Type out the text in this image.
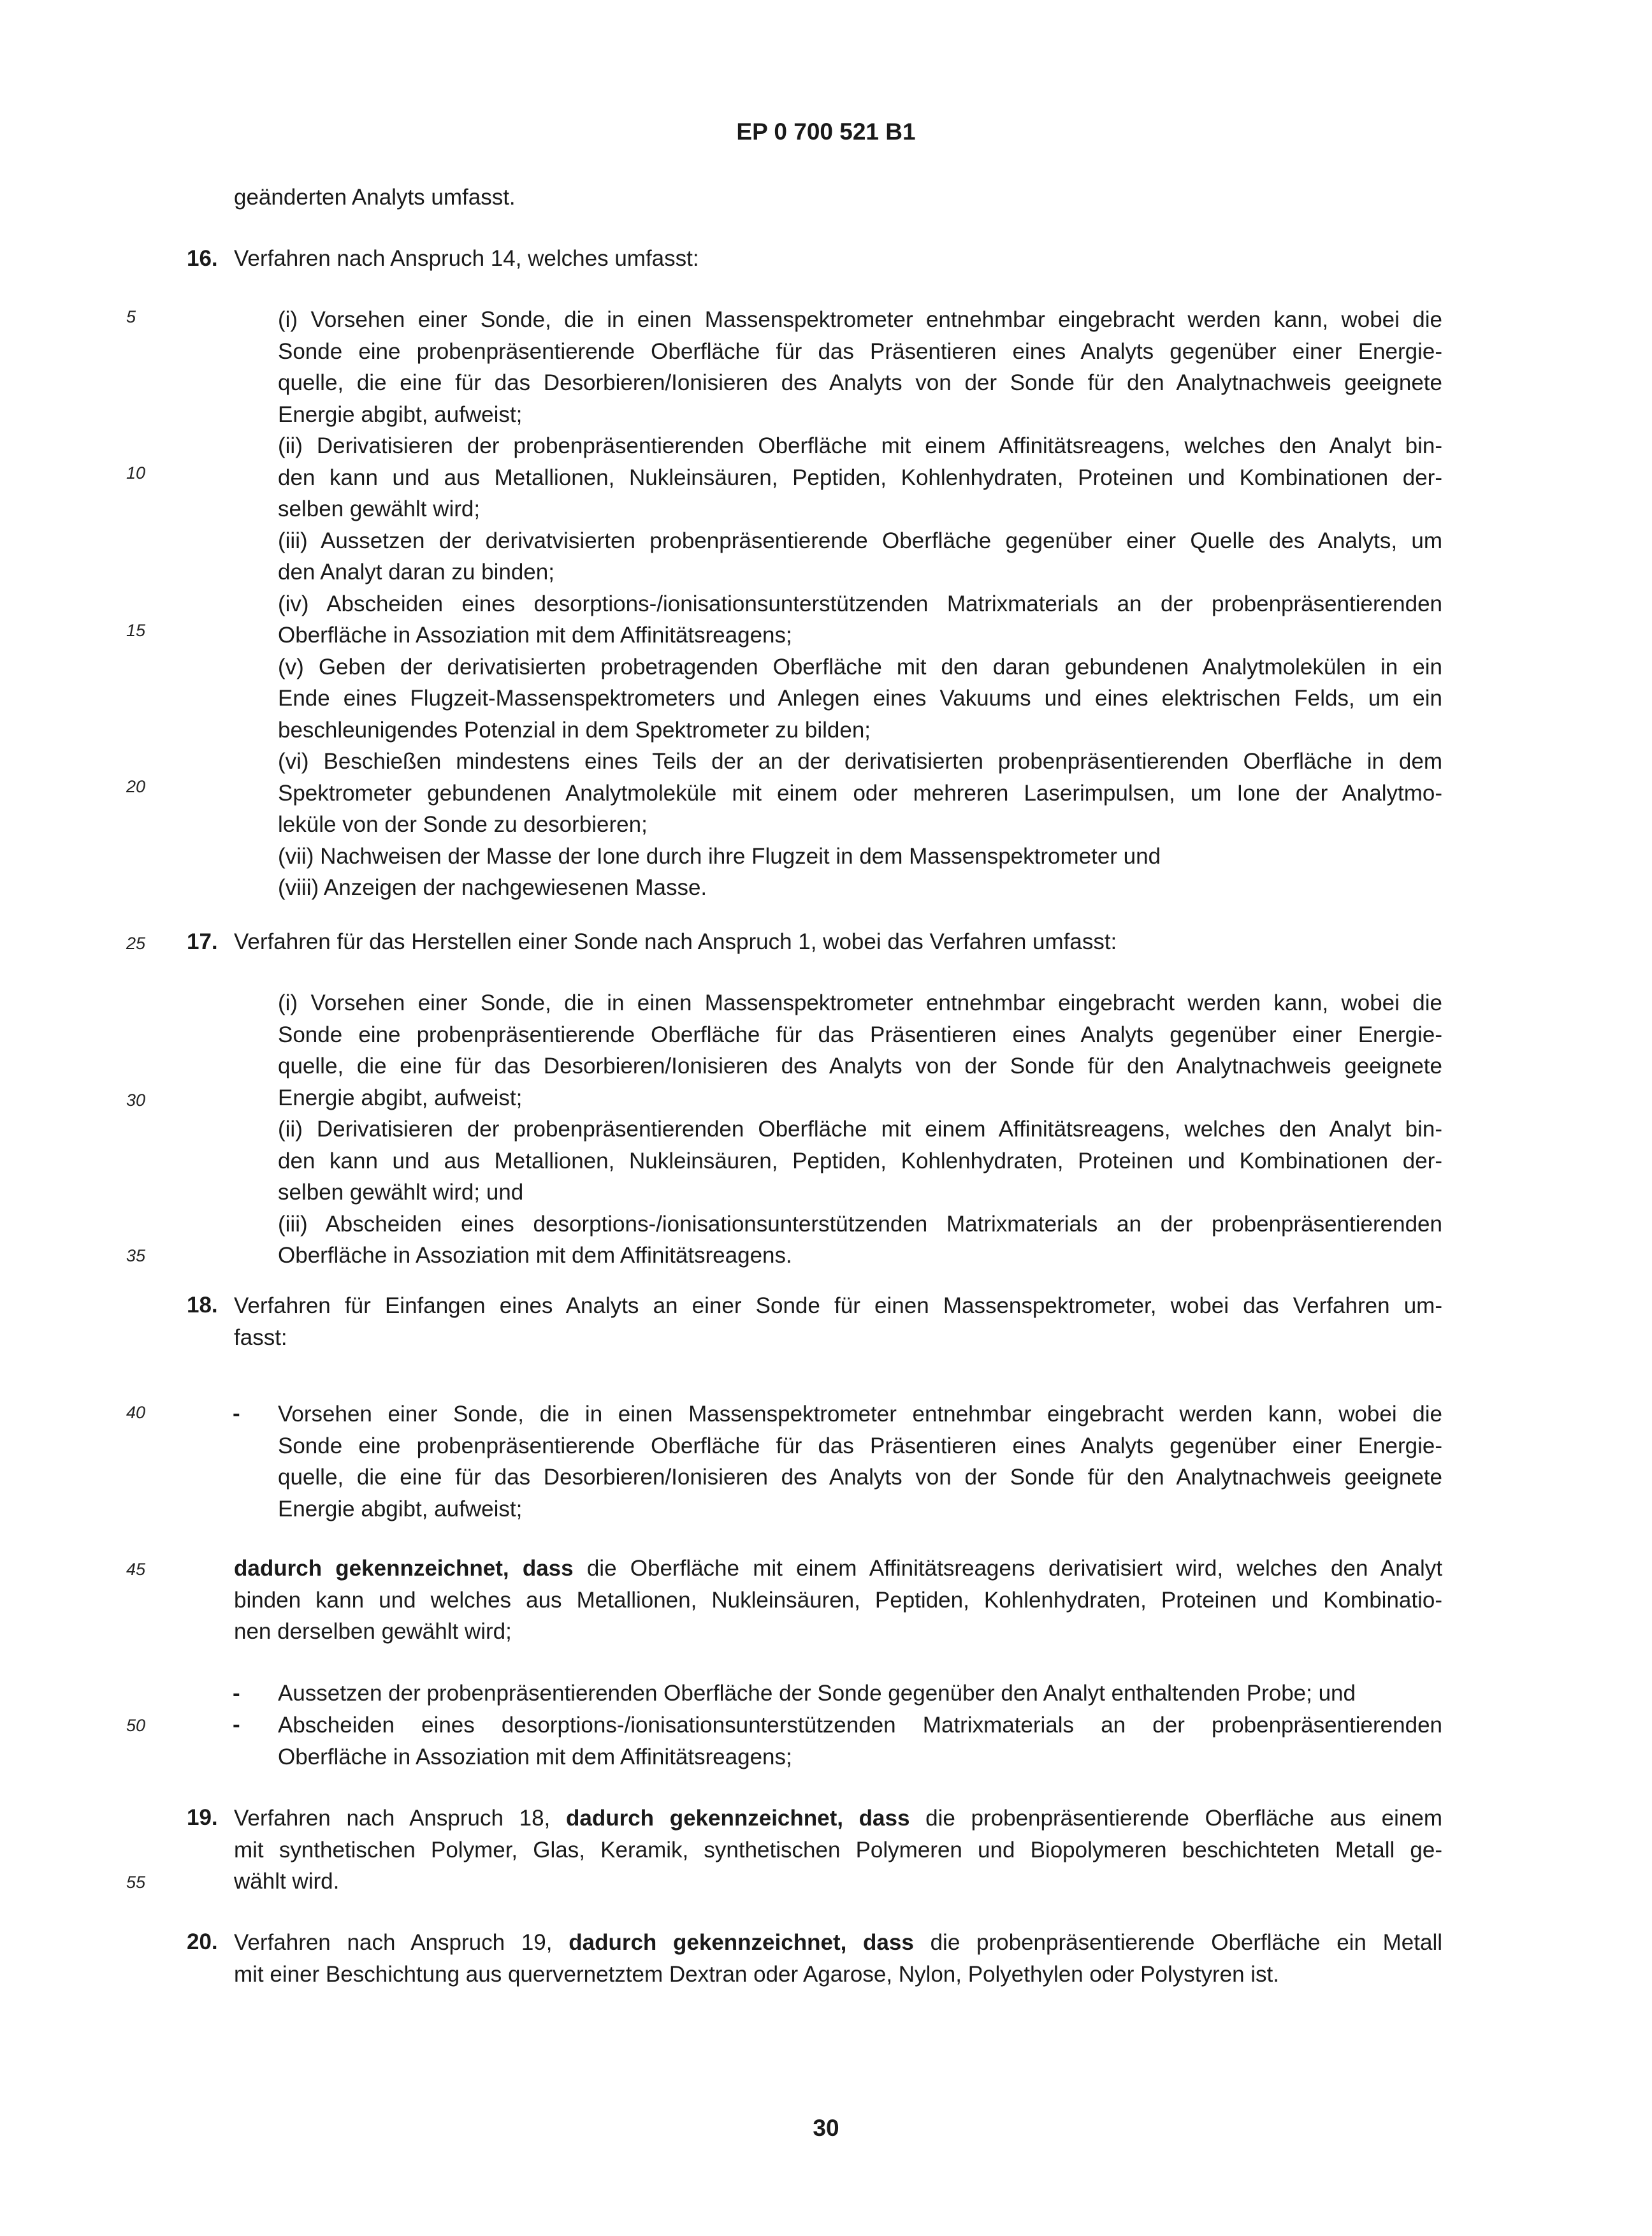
EP 0 700 521 B1
5
10
15
20
25
30
35
40
45
50
55
geänderten Analyts umfasst.
16. Verfahren nach Anspruch 14, welches umfasst:
(i) Vorsehen einer Sonde, die in einen Massenspektrometer entnehmbar eingebracht werden kann, wobei die
Sonde eine probenpräsentierende Oberfläche für das Präsentieren eines Analyts gegenüber einer Energie-
quelle, die eine für das Desorbieren/Ionisieren des Analyts von der Sonde für den Analytnachweis geeignete
Energie abgibt, aufweist;
(ii) Derivatisieren der probenpräsentierenden Oberfläche mit einem Affinitätsreagens, welches den Analyt bin-
den kann und aus Metallionen, Nukleinsäuren, Peptiden, Kohlenhydraten, Proteinen und Kombinationen der-
selben gewählt wird;
(iii) Aussetzen der derivatvisierten probenpräsentierende Oberfläche gegenüber einer Quelle des Analyts, um
den Analyt daran zu binden;
(iv) Abscheiden eines desorptions-/ionisationsunterstützenden Matrixmaterials an der probenpräsentierenden
Oberfläche in Assoziation mit dem Affinitätsreagens;
(v) Geben der derivatisierten probetragenden Oberfläche mit den daran gebundenen Analytmolekülen in ein
Ende eines Flugzeit-Massenspektrometers und Anlegen eines Vakuums und eines elektrischen Felds, um ein
beschleunigendes Potenzial in dem Spektrometer zu bilden;
(vi) Beschießen mindestens eines Teils der an der derivatisierten probenpräsentierenden Oberfläche in dem
Spektrometer gebundenen Analytmoleküle mit einem oder mehreren Laserimpulsen, um Ione der Analytmo-
leküle von der Sonde zu desorbieren;
(vii) Nachweisen der Masse der Ione durch ihre Flugzeit in dem Massenspektrometer und
(viii) Anzeigen der nachgewiesenen Masse.
17. Verfahren für das Herstellen einer Sonde nach Anspruch 1, wobei das Verfahren umfasst:
(i) Vorsehen einer Sonde, die in einen Massenspektrometer entnehmbar eingebracht werden kann, wobei die
Sonde eine probenpräsentierende Oberfläche für das Präsentieren eines Analyts gegenüber einer Energie-
quelle, die eine für das Desorbieren/Ionisieren des Analyts von der Sonde für den Analytnachweis geeignete
Energie abgibt, aufweist;
(ii) Derivatisieren der probenpräsentierenden Oberfläche mit einem Affinitätsreagens, welches den Analyt bin-
den kann und aus Metallionen, Nukleinsäuren, Peptiden, Kohlenhydraten, Proteinen und Kombinationen der-
selben gewählt wird; und
(iii) Abscheiden eines desorptions-/ionisationsunterstützenden Matrixmaterials an der probenpräsentierenden
Oberfläche in Assoziation mit dem Affinitätsreagens.
18. Verfahren für Einfangen eines Analyts an einer Sonde für einen Massenspektrometer, wobei das Verfahren um-
fasst:
- Vorsehen einer Sonde, die in einen Massenspektrometer entnehmbar eingebracht werden kann, wobei die
Sonde eine probenpräsentierende Oberfläche für das Präsentieren eines Analyts gegenüber einer Energie-
quelle, die eine für das Desorbieren/Ionisieren des Analyts von der Sonde für den Analytnachweis geeignete
Energie abgibt, aufweist;
dadurch gekennzeichnet, dass die Oberfläche mit einem Affinitätsreagens derivatisiert wird, welches den Analyt
binden kann und welches aus Metallionen, Nukleinsäuren, Peptiden, Kohlenhydraten, Proteinen und Kombinatio-
nen derselben gewählt wird;
- Aussetzen der probenpräsentierenden Oberfläche der Sonde gegenüber den Analyt enthaltenden Probe; und
- Abscheiden eines desorptions-/ionisationsunterstützenden Matrixmaterials an der probenpräsentierenden
Oberfläche in Assoziation mit dem Affinitätsreagens;
19. Verfahren nach Anspruch 18, dadurch gekennzeichnet, dass die probenpräsentierende Oberfläche aus einem
mit synthetischen Polymer, Glas, Keramik, synthetischen Polymeren und Biopolymeren beschichteten Metall ge-
wählt wird.
20. Verfahren nach Anspruch 19, dadurch gekennzeichnet, dass die probenpräsentierende Oberfläche ein Metall
mit einer Beschichtung aus quervernetztem Dextran oder Agarose, Nylon, Polyethylen oder Polystyren ist.
30
